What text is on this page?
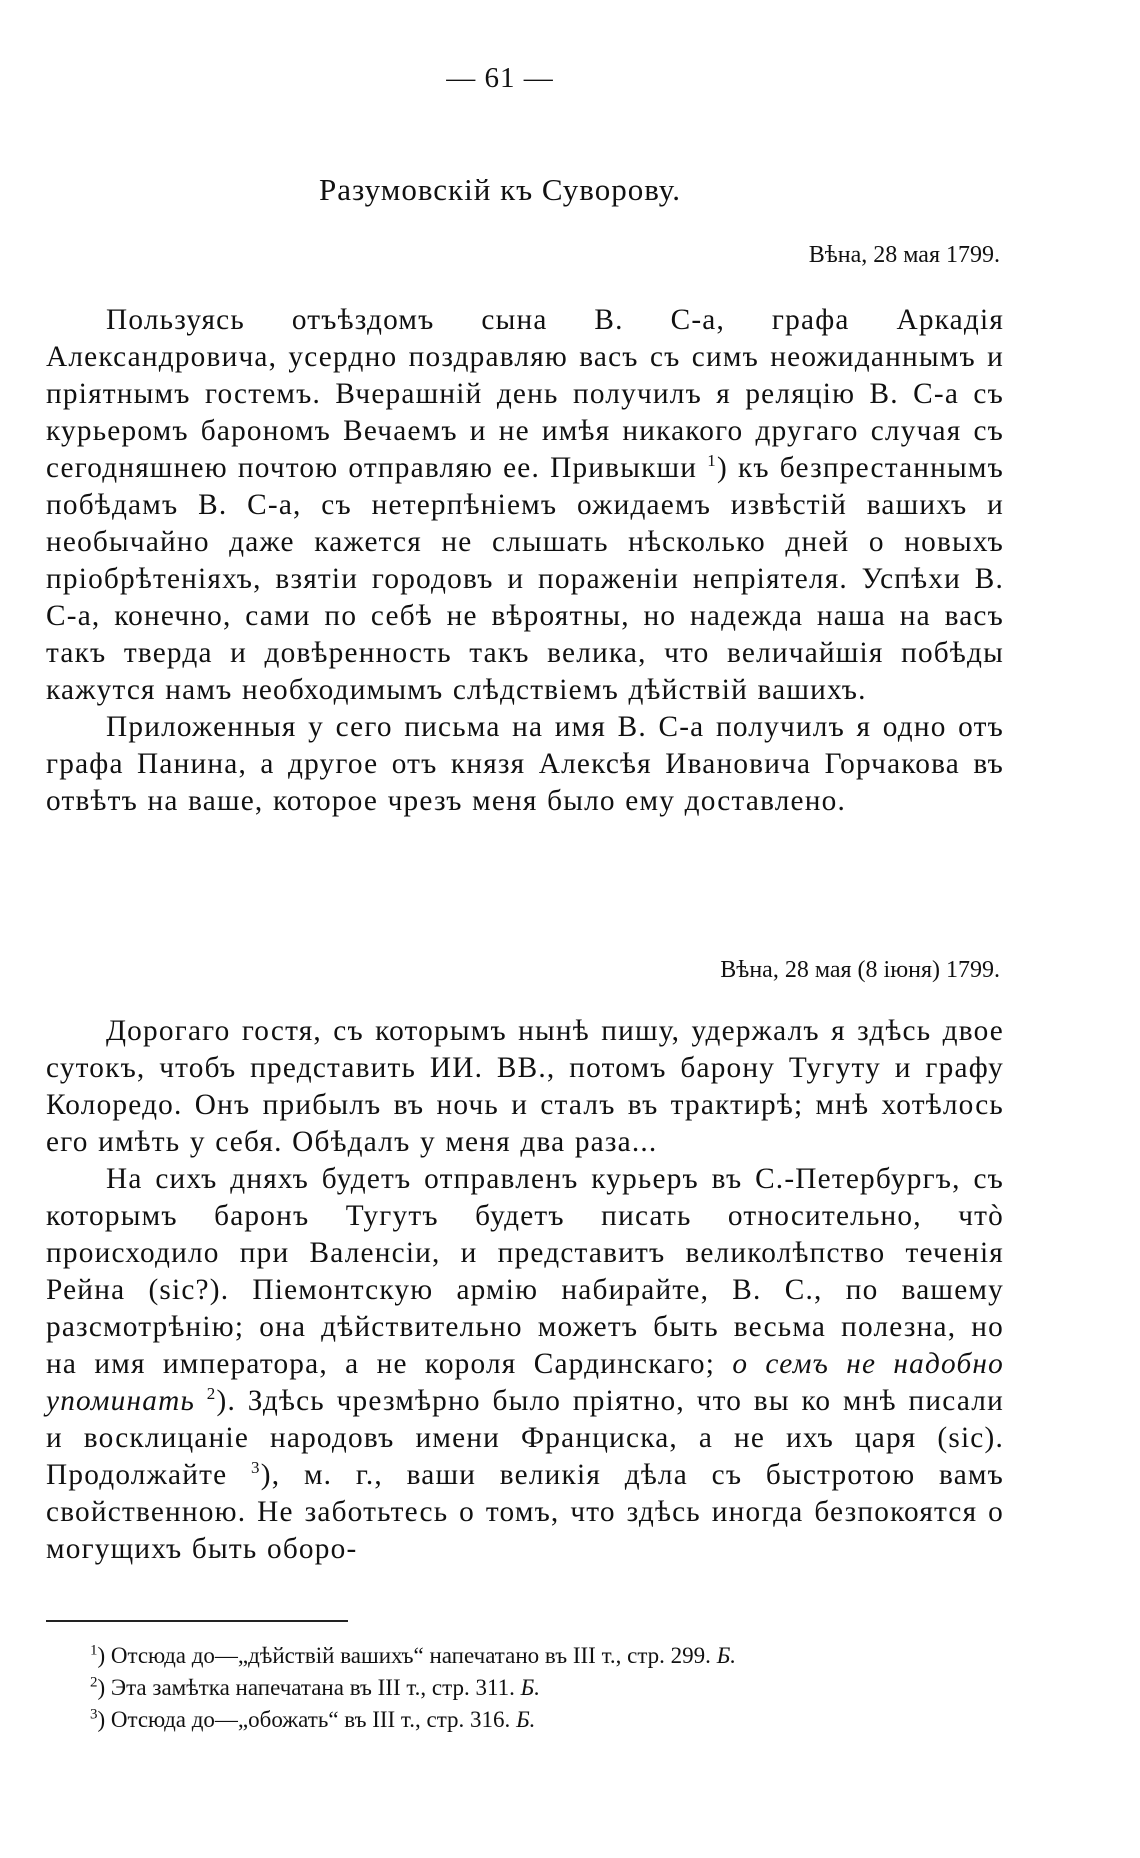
— 61 —
Разумовскій къ Суворову.
Вѣна, 28 мая 1799.

Пользуясь отъѣздомъ сына В. С-а, графа Аркадія Александровича, усердно поздравляю васъ съ симъ неожиданнымъ и пріятнымъ гостемъ. Вчерашній день получилъ я реляцію В. С-а съ курьеромъ барономъ Вечаемъ и не имѣя никакого другаго случая съ сегодняшнею почтою отправляю ее. Привыкши $^1$) къ безпрестаннымъ побѣдамъ В. С-а, съ нетерпѣніемъ ожидаемъ извѣстій вашихъ и необычайно даже кажется не слышать нѣсколько дней о новыхъ пріобрѣтеніяхъ, взятіи городовъ и пораженіи непріятеля. Успѣхи В. С-а, конечно, сами по себѣ не вѣроятны, но надежда наша на васъ такъ тверда и довѣренность такъ велика, что величайшія побѣды кажутся намъ необходимымъ слѣдствіемъ дѣйствій вашихъ.

Приложенныя у сего письма на имя В. С-а получилъ я одно отъ графа Панина, а другое отъ князя Алексѣя Ивановича Горчакова въ отвѣтъ на ваше, которое чрезъ меня было ему доставлено.

Вѣна, 28 мая (8 іюня) 1799.

Дорогаго гостя, съ которымъ нынѣ пишу, удержалъ я здѣсь двое сутокъ, чтобъ представить ИИ. ВВ., потомъ барону Тугуту и графу Колоредо. Онъ прибылъ въ ночь и сталъ въ трактирѣ; мнѣ хотѣлось его имѣть у себя. Обѣдалъ у меня два раза...

На сихъ дняхъ будетъ отправленъ курьеръ въ С.-Петербургъ, съ которымъ баронъ Тугутъ будетъ писать относительно, чтò происходило при Валенсіи, и представитъ великолѣпство теченія Рейна (sic?). Піемонтскую армію набирайте, В. С., по вашему разсмотрѣнію; она дѣйствительно можетъ быть весьма полезна, но на имя императора, а не короля Сардинскаго; о семъ не надобно упоминать $^2$). Здѣсь чрезмѣрно было пріятно, что вы ко мнѣ писали и восклицаніе народовъ имени Франциска, а не ихъ царя (sic). Продолжайте $^3$), м. г., ваши великія дѣла съ быстротою вамъ свойственною. Не заботьтесь о томъ, что здѣсь иногда безпокоятся о могущихъ быть оборо-

$^1$) Отсюда до—„дѣйствій вашихъ“ напечатано въ III т., стр. 299. Б.

$^2$) Эта замѣтка напечатана въ III т., стр. 311. Б.

$^3$) Отсюда до—„обожать“ въ III т., стр. 316. Б.
